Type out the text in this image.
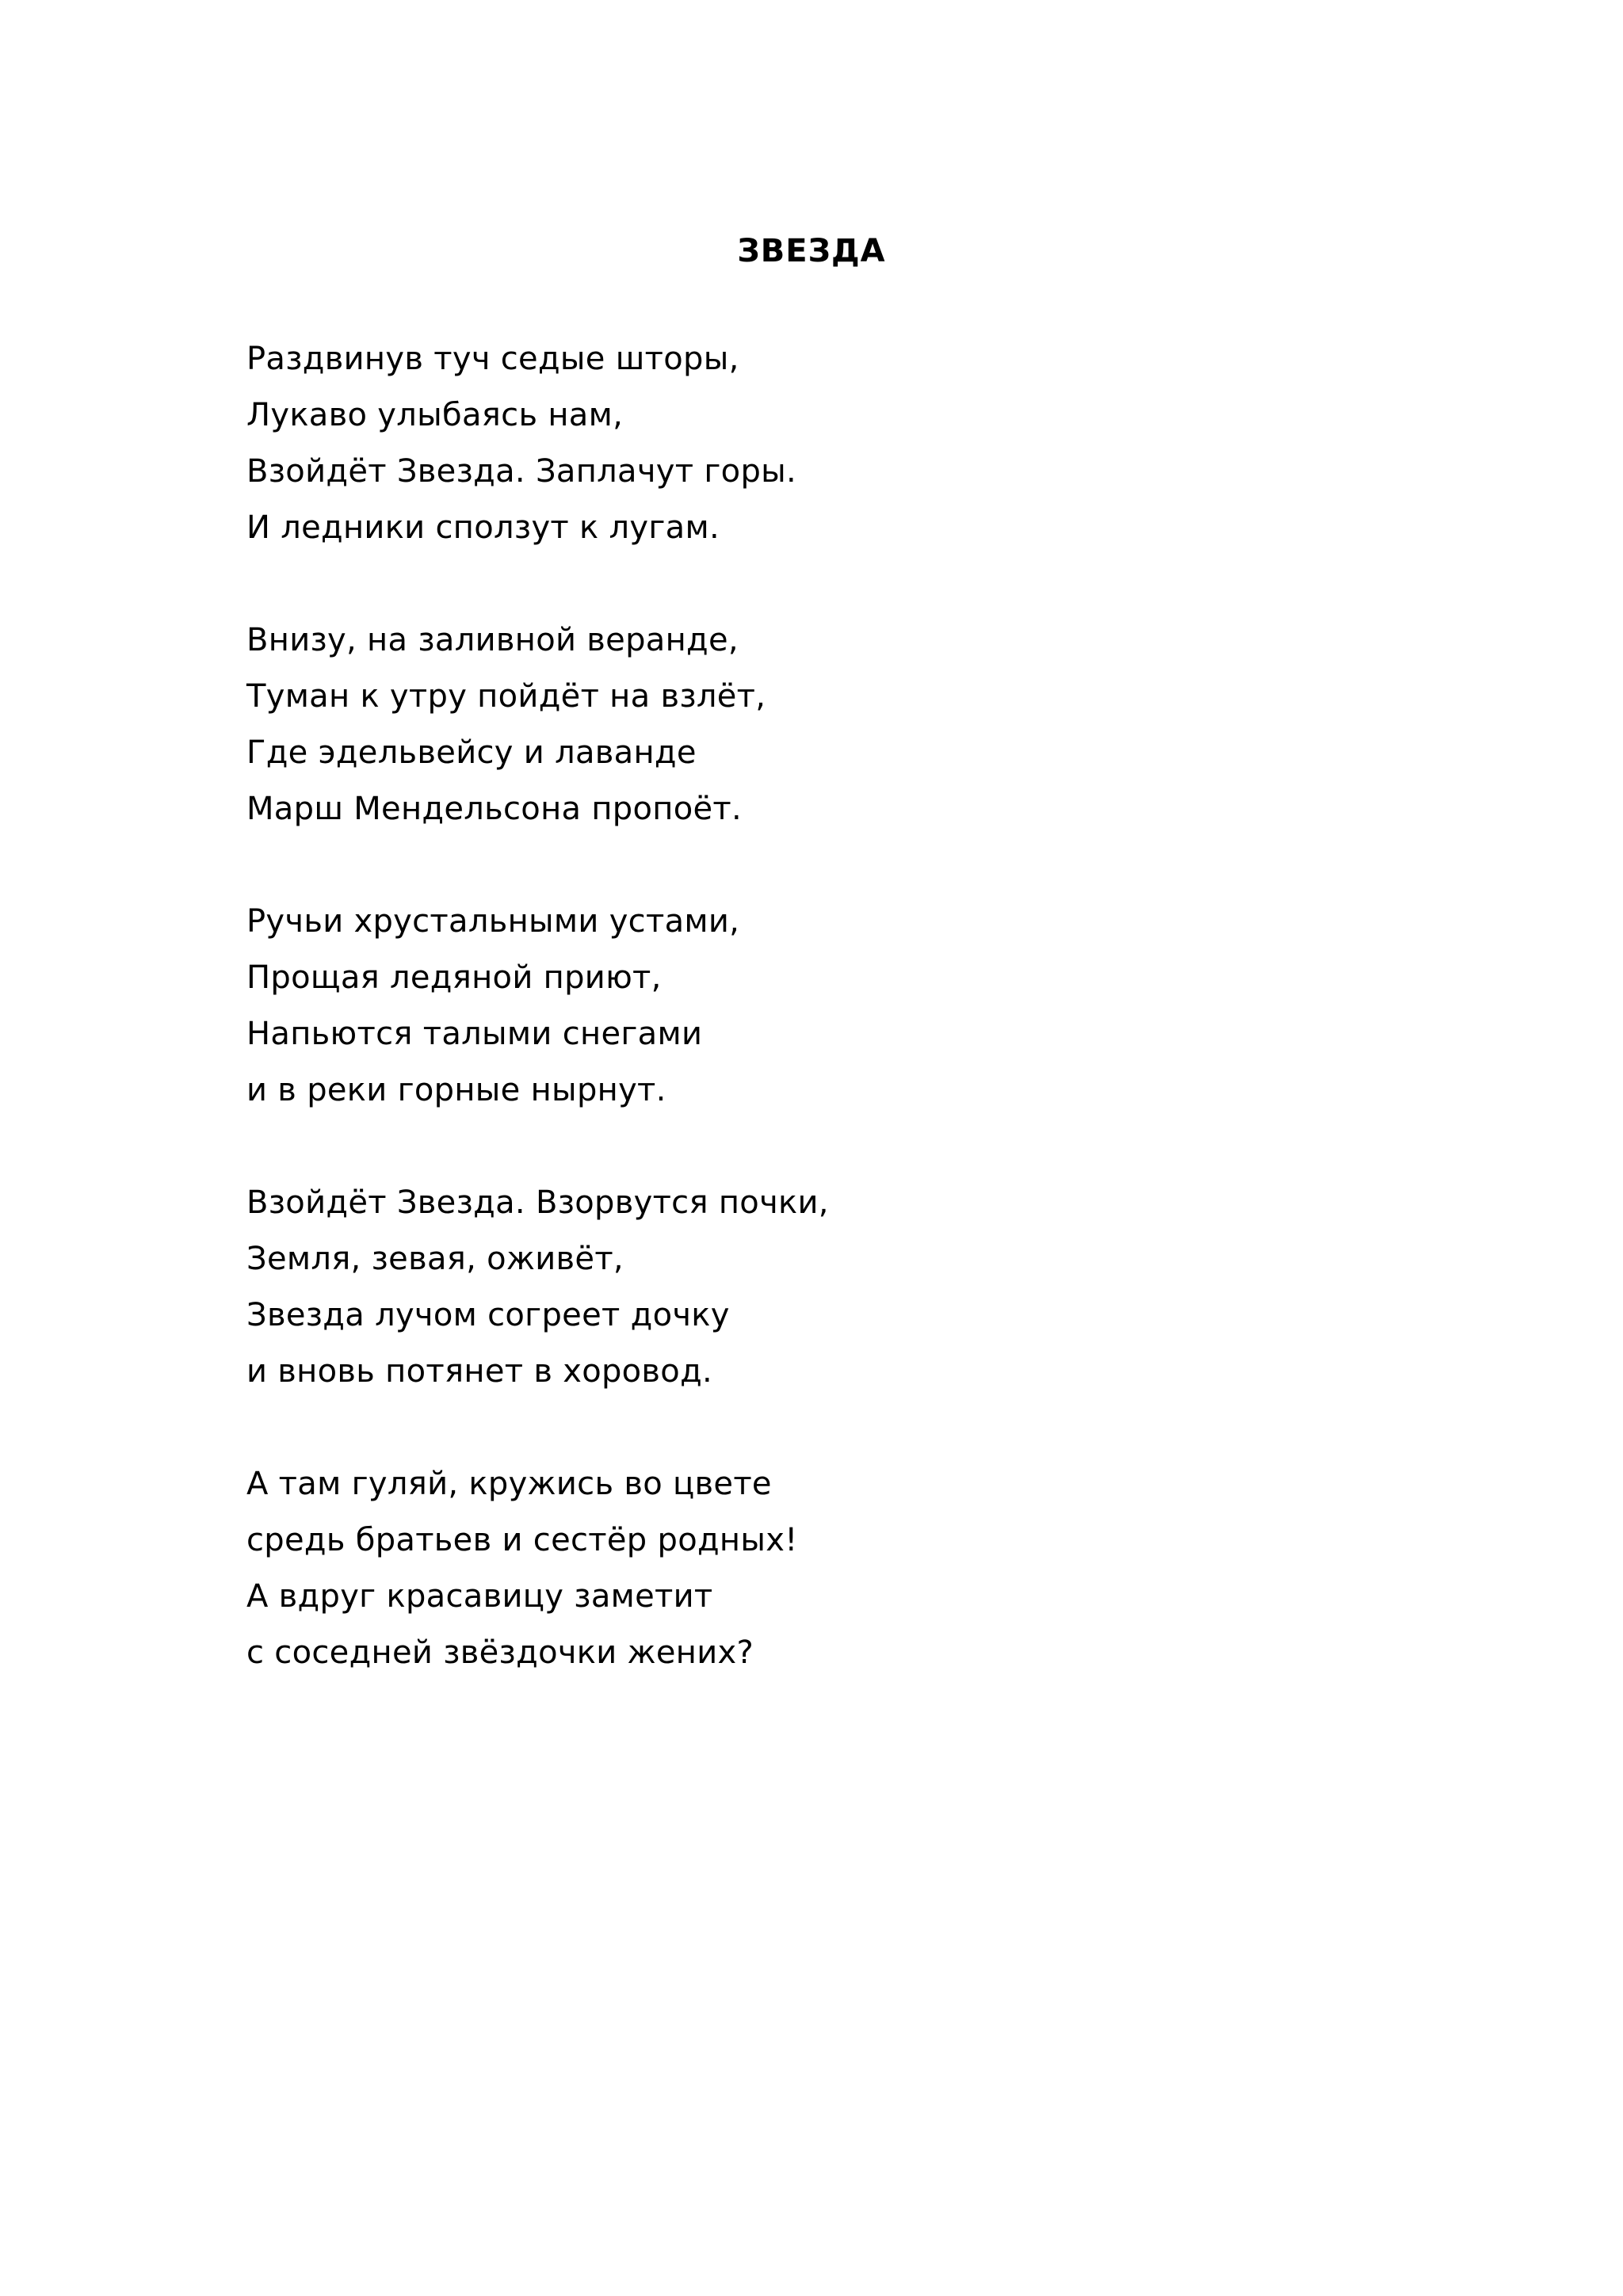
ЗВЕЗДА
Раздвинув туч седые шторы,
Лукаво улыбаясь нам,
Взойдёт Звезда. Заплачут горы.
И ледники сползут к лугам.
Внизу, на заливной веранде,
Туман к утру пойдёт на взлёт,
Где эдельвейсу и лаванде
Марш Мендельсона пропоёт.
Ручьи хрустальными устами,
Прощая ледяной приют,
Напьются талыми снегами
и в реки горные нырнут.
Взойдёт Звезда. Взорвутся почки,
Земля, зевая, оживёт,
Звезда лучом согреет дочку
и вновь потянет в хоровод.
А там гуляй, кружись во цвете
средь братьев и сестёр родных!
А вдруг красавицу заметит
с соседней звёздочки жених?
